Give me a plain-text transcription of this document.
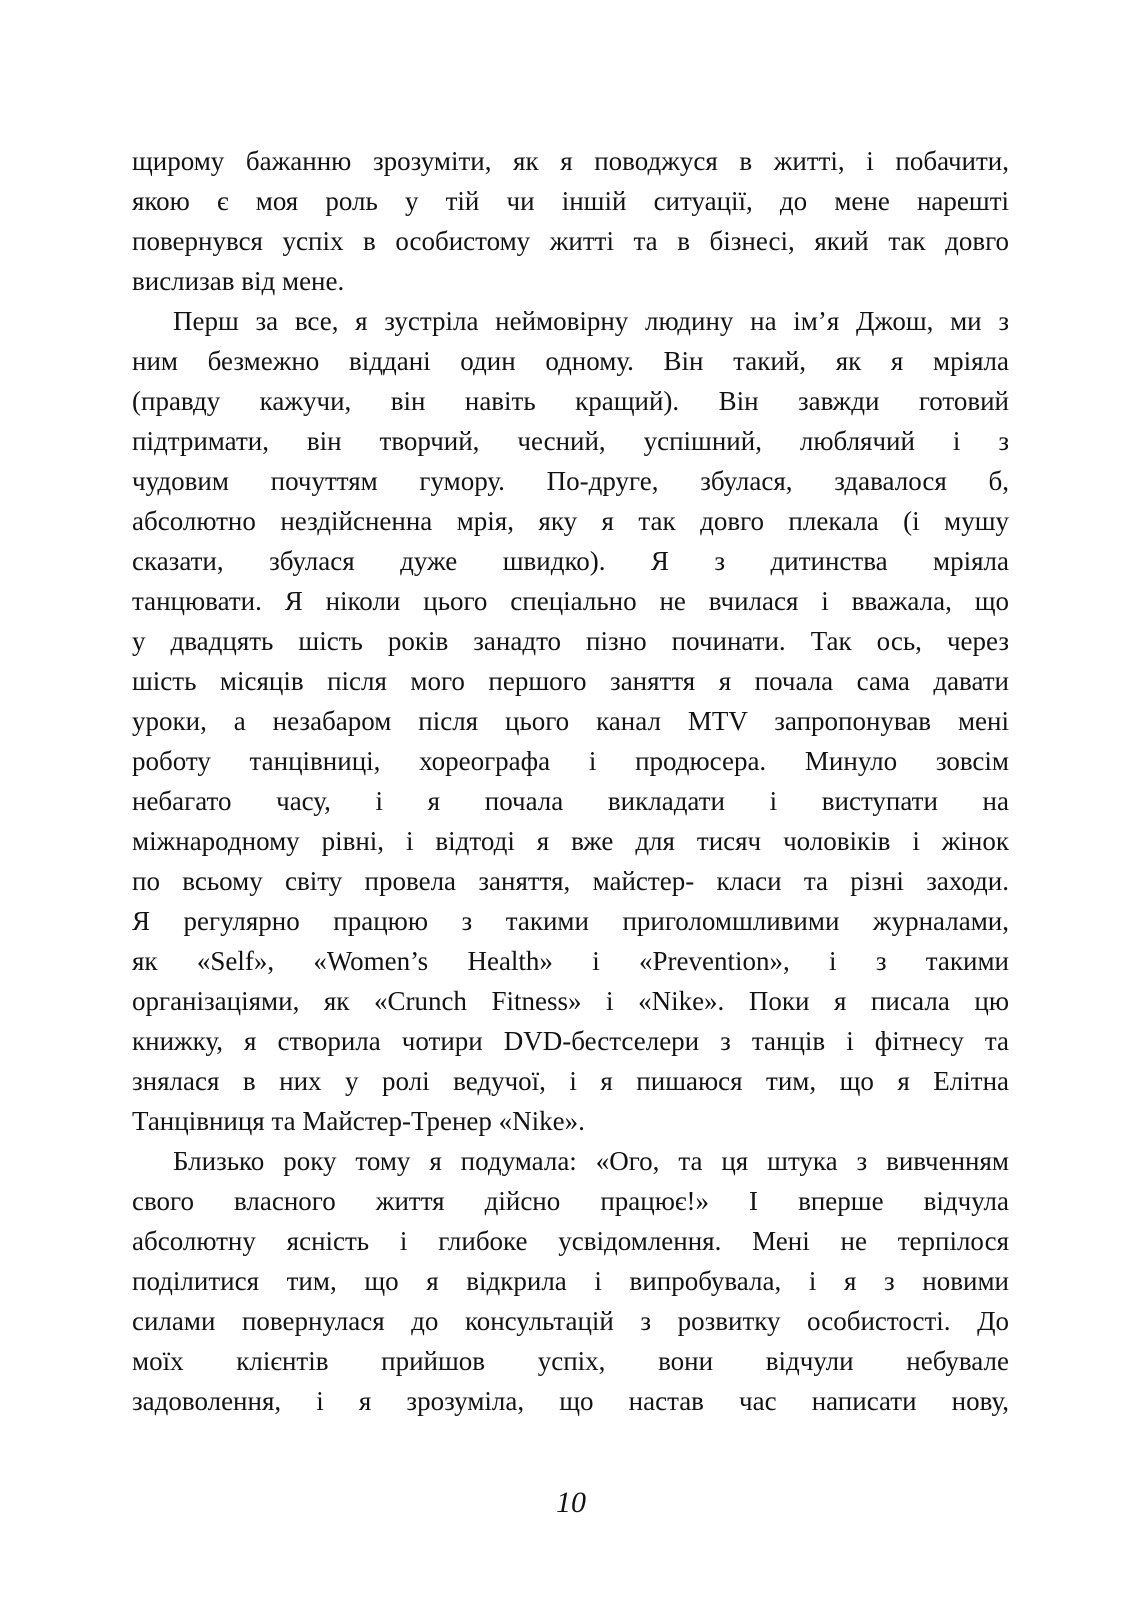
щирому бажанню зрозуміти, як я поводжуся в житті, і побачити,
якою є моя роль у тій чи іншій ситуації, до мене нарешті
повернувся успіх в особистому житті та в бізнесі, який так довго
вислизав від мене.
Перш за все, я зустріла неймовірну людину на ім’я Джош, ми з
ним безмежно віддані один одному. Він такий, як я мріяла
(правду кажучи, він навіть кращий). Він завжди готовий
підтримати, він творчий, чесний, успішний, люблячий і з
чудовим почуттям гумору. По-друге, збулася, здавалося б,
абсолютно нездійсненна мрія, яку я так довго плекала (і мушу
сказати, збулася дуже швидко). Я з дитинства мріяла
танцювати. Я ніколи цього спеціально не вчилася і вважала, що
у двадцять шість років занадто пізно починати. Так ось, через
шість місяців після мого першого заняття я почала сама давати
уроки, а незабаром після цього канал MTV запропонував мені
роботу танцівниці, хореографа і продюсера. Минуло зовсім
небагато часу, і я почала викладати і виступати на
міжнародному рівні, і відтоді я вже для тисяч чоловіків і жінок
по всьому світу провела заняття, майстер- класи та різні заходи.
Я регулярно працюю з такими приголомшливими журналами,
як «Self», «Women’s Health» і «Prevention», і з такими
організаціями, як «Crunch Fitness» і «Nike». Поки я писала цю
книжку, я створила чотири DVD-бестселери з танців і фітнесу та
знялася в них у ролі ведучої, і я пишаюся тим, що я Елітна
Танцівниця та Майстер-Тренер «Nike».
Близько року тому я подумала: «Ого, та ця штука з вивченням
свого власного життя дійсно працює!» І вперше відчула
абсолютну ясність і глибоке усвідомлення. Мені не терпілося
поділитися тим, що я відкрила і випробувала, і я з новими
силами повернулася до консультацій з розвитку особистості. До
моїх клієнтів прийшов успіх, вони відчули небувале
задоволення, і я зрозуміла, що настав час написати нову,
10
